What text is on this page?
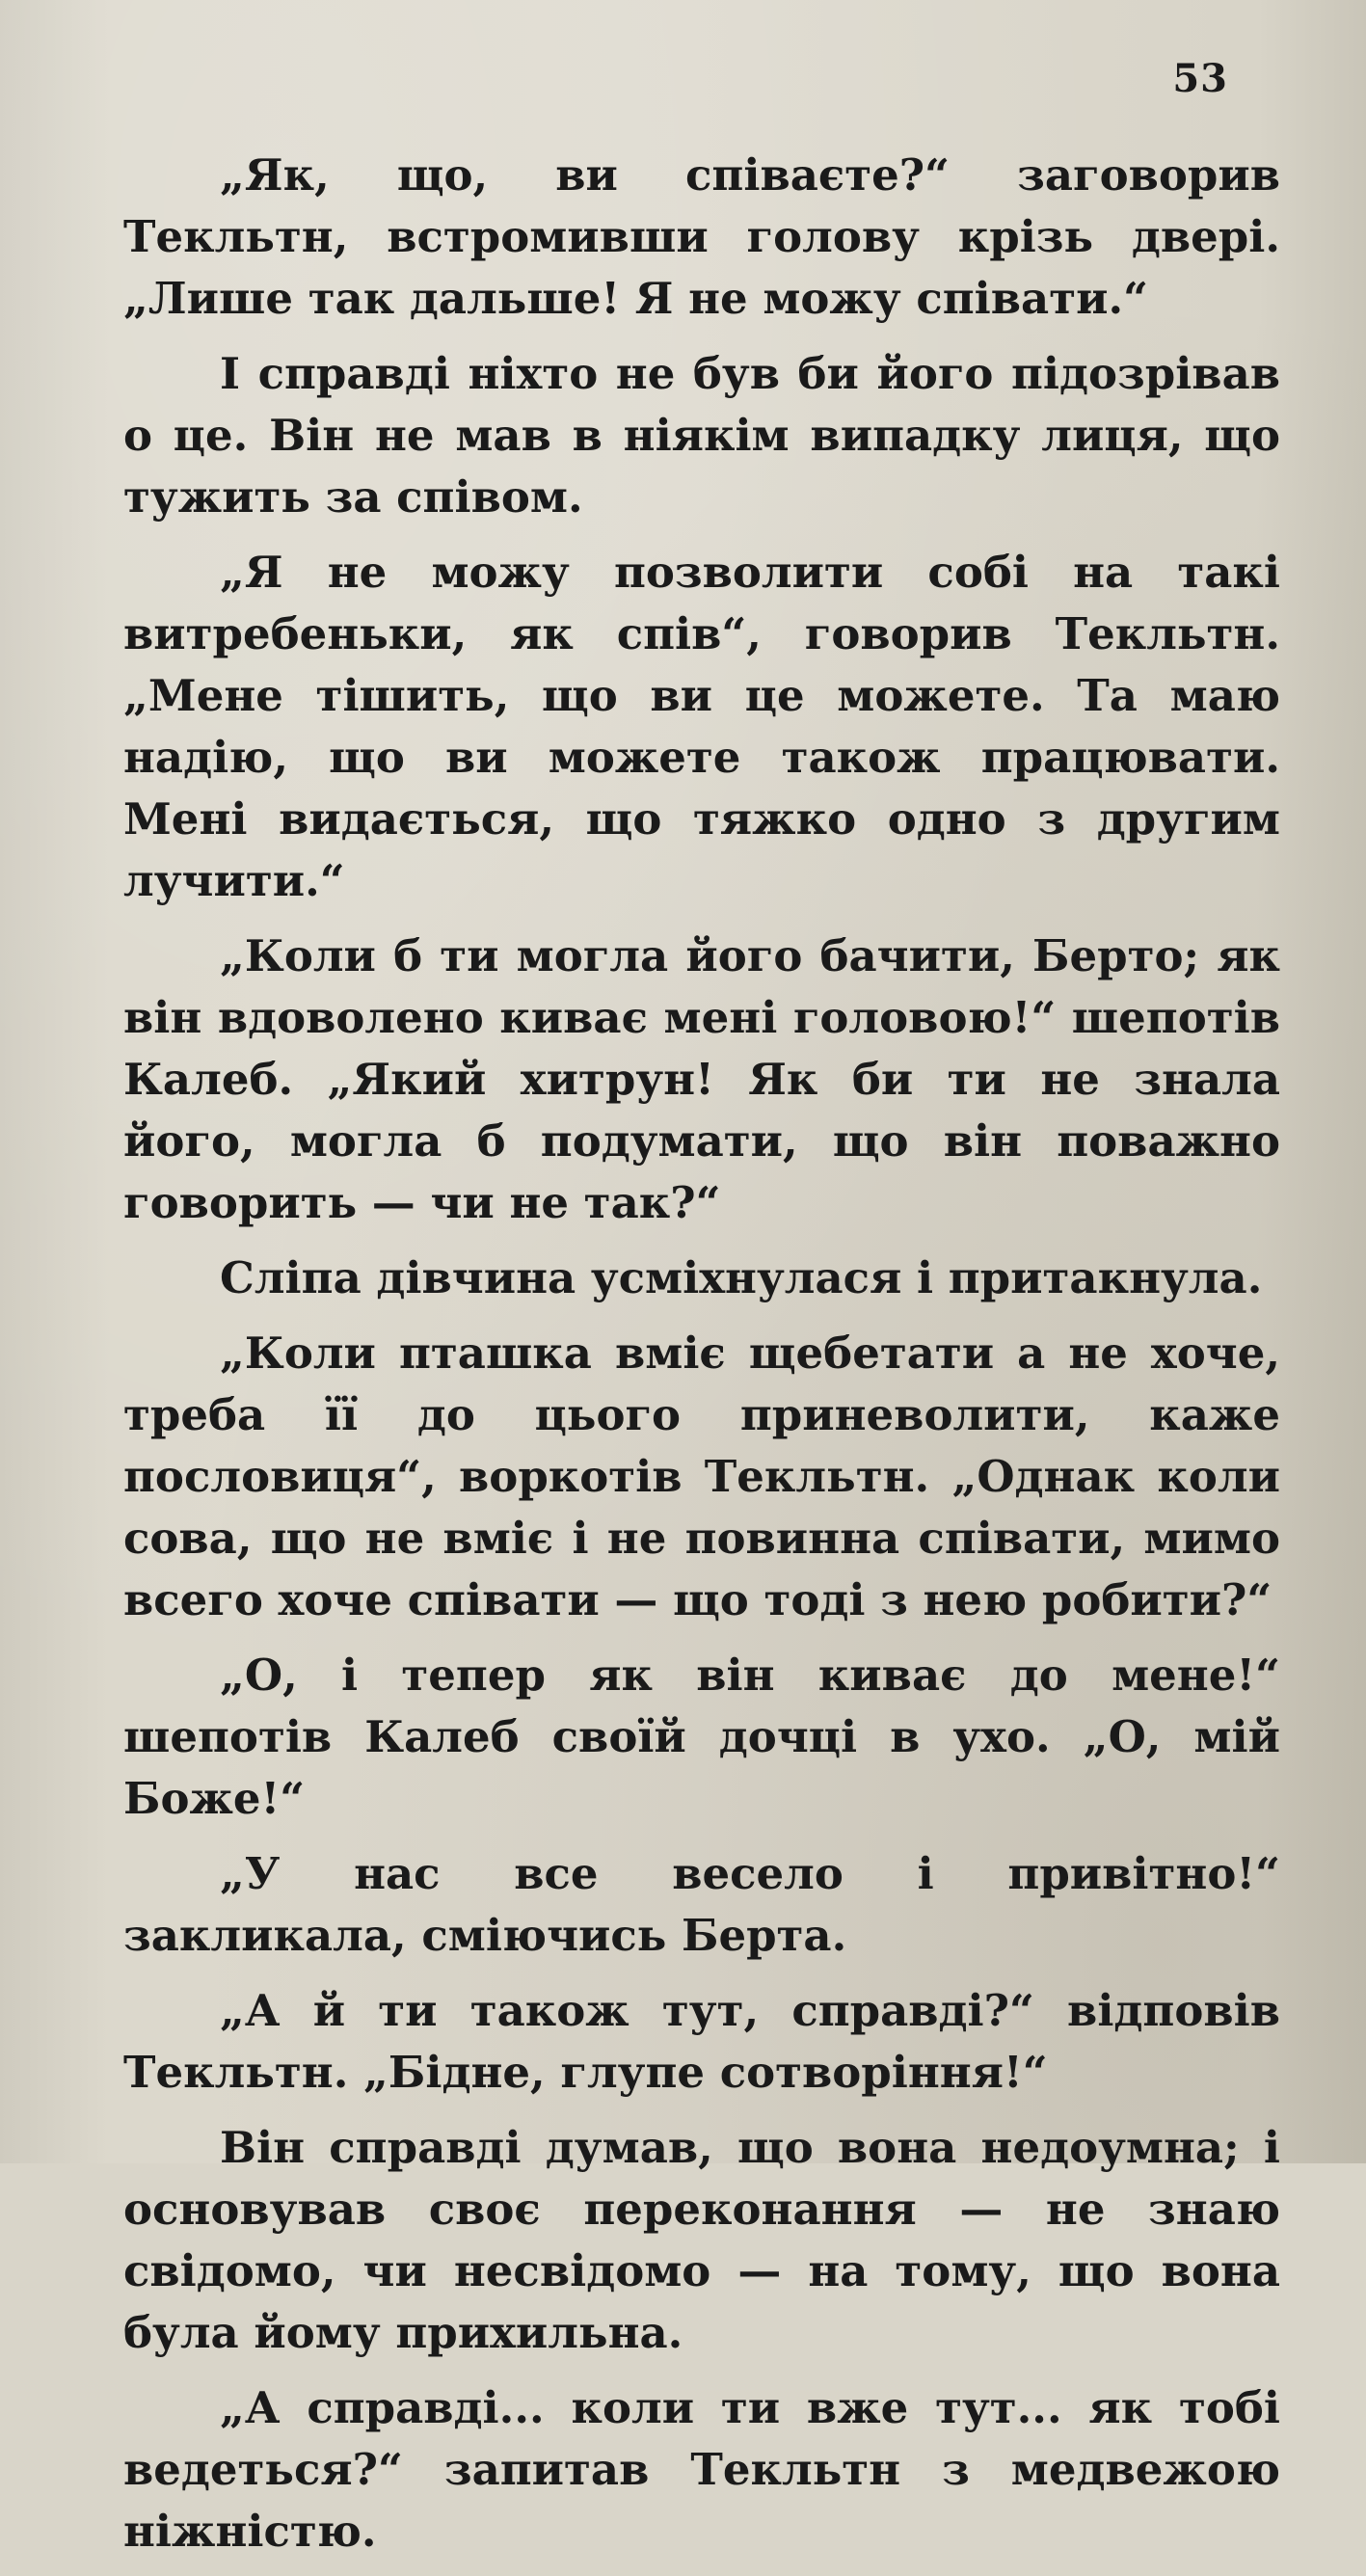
53

„Як, що, ви співаєте?“ заговорив Текльтн, встромивши голову крізь двері. „Лише так дальше! Я не можу співати.“

І справді ніхто не був би його підозрівав о це. Він не мав в ніякім випадку лиця, що тужить за співом.

„Я не можу позволити собі на такі витребеньки, як спів“, говорив Текльтн. „Мене тішить, що ви це можете. Та маю надію, що ви можете також працювати. Мені видається, що тяжко одно з другим лучити.“

„Коли б ти могла його бачити, Берто; як він вдоволено киває мені головою!“ шепотів Калеб. „Який хитрун! Як би ти не знала його, могла б подумати, що він поважно говорить — чи не так?“

Сліпа дівчина усміхнулася і притакнула.

„Коли пташка вміє щебетати а не хоче, треба її до цього приневолити, каже пословиця“, воркотів Текльтн. „Однак коли сова, що не вміє і не повинна співати, мимо всего хоче співати — що тоді з нею робити?“

„О, і тепер як він киває до мене!“ шепотів Калеб своїй дочці в ухо. „О, мій Боже!“

„У нас все весело і привітно!“ закликала, сміючись Берта.

„А й ти також тут, справді?“ відповів Текльтн. „Бідне, глупе сотворіння!“

Він справді думав, що вона недоумна; і основував своє переконання — не знаю свідомо, чи несвідомо — на тому, що вона була йому прихильна.

„А справді... коли ти вже тут... як тобі ведеться?“ запитав Текльтн з медвежою ніжністю.
